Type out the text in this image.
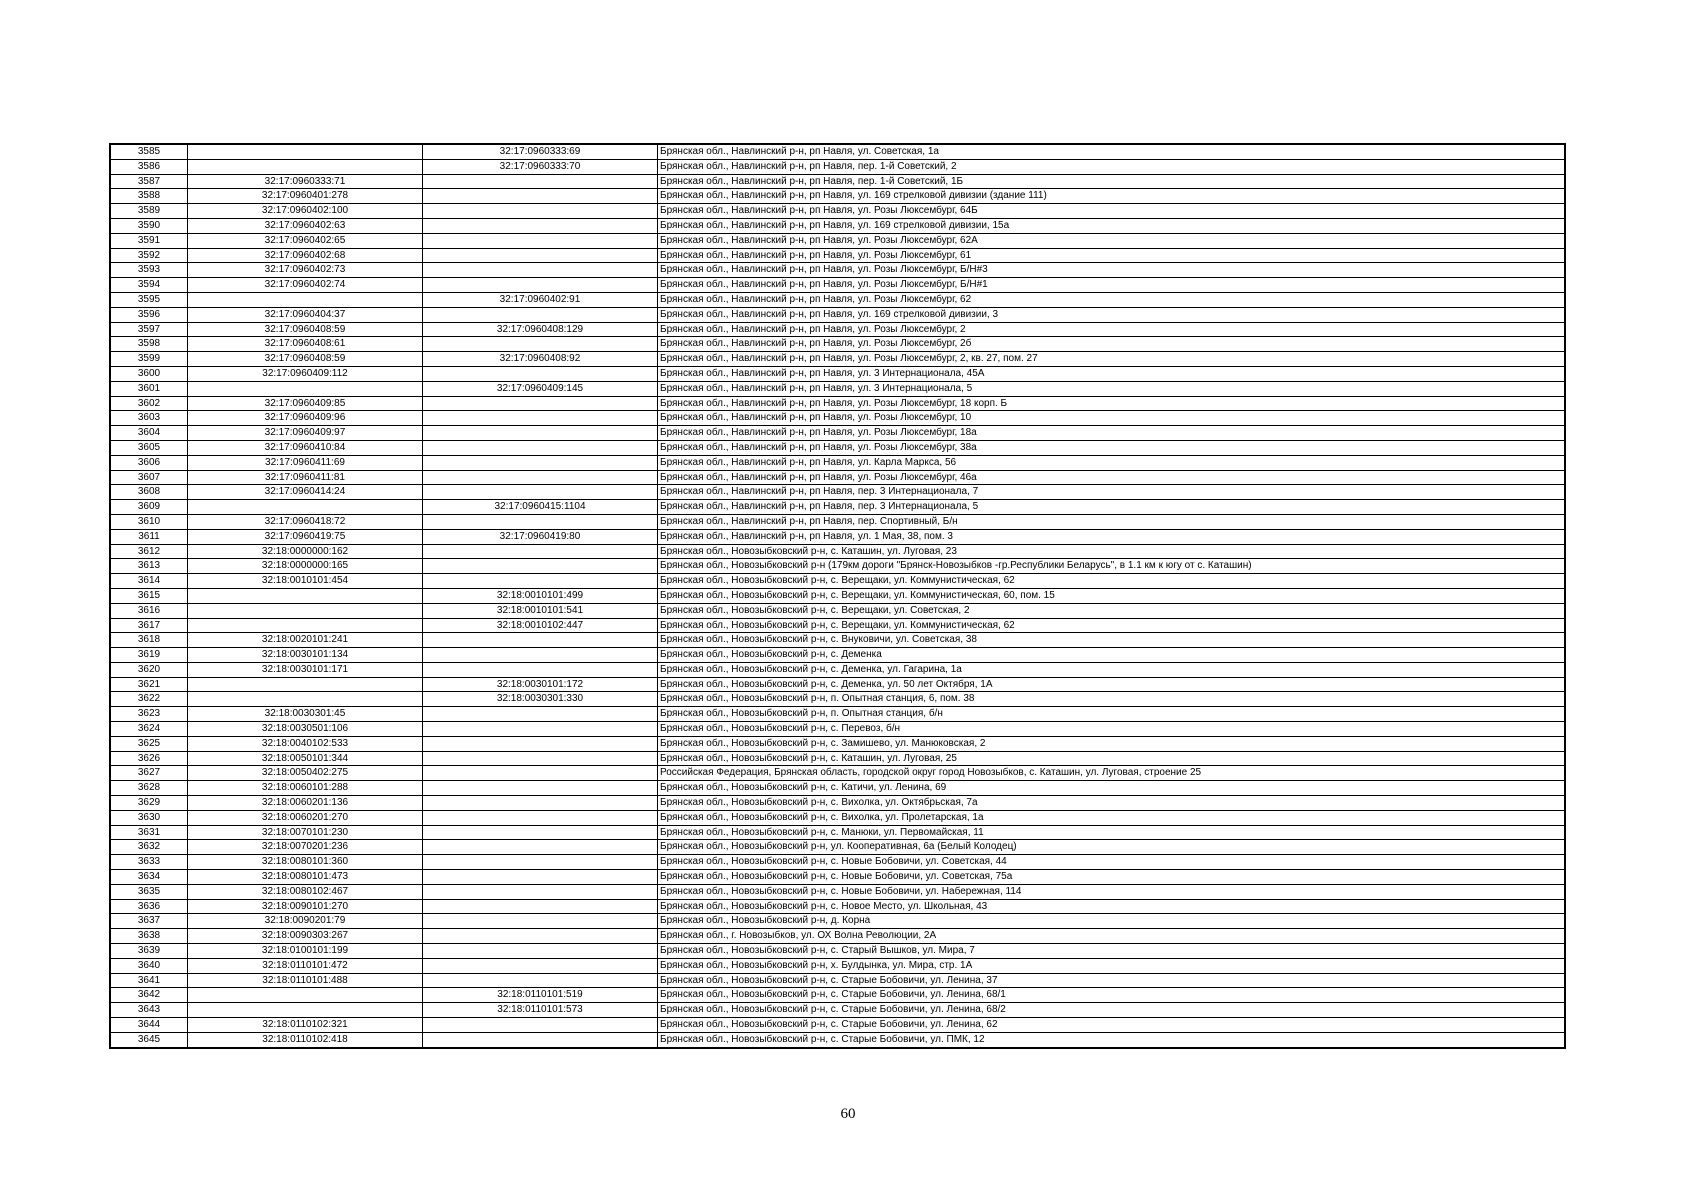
3585		32:17:0960333:69	Брянская обл., Навлинский р-н, рп Навля, ул. Советская, 1а
3586		32:17:0960333:70	Брянская обл., Навлинский р-н, рп Навля, пер. 1-й Советский, 2
3587	32:17:0960333:71		Брянская обл., Навлинский р-н, рп Навля, пер. 1-й Советский, 1Б
3588	32:17:0960401:278		Брянская обл., Навлинский р-н, рп Навля, ул. 169 стрелковой дивизии (здание 111)
3589	32:17:0960402:100		Брянская обл., Навлинский р-н, рп Навля, ул. Розы Люксембург, 64Б
3590	32:17:0960402:63		Брянская обл., Навлинский р-н, рп Навля, ул. 169 стрелковой дивизии, 15а
3591	32:17:0960402:65		Брянская обл., Навлинский р-н, рп Навля, ул. Розы Люксембург, 62А
3592	32:17:0960402:68		Брянская обл., Навлинский р-н, рп Навля, ул. Розы Люксембург, 61
3593	32:17:0960402:73		Брянская обл., Навлинский р-н, рп Навля, ул. Розы Люксембург, Б/Н#3
3594	32:17:0960402:74		Брянская обл., Навлинский р-н, рп Навля, ул. Розы Люксембург, Б/Н#1
3595		32:17:0960402:91	Брянская обл., Навлинский р-н, рп Навля, ул. Розы Люксембург, 62
3596	32:17:0960404:37		Брянская обл., Навлинский р-н, рп Навля, ул. 169 стрелковой дивизии, 3
3597	32:17:0960408:59	32:17:0960408:129	Брянская обл., Навлинский р-н, рп Навля, ул. Розы Люксембург, 2
3598	32:17:0960408:61		Брянская обл., Навлинский р-н, рп Навля, ул. Розы Люксембург, 2б
3599	32:17:0960408:59	32:17:0960408:92	Брянская обл., Навлинский р-н, рп Навля, ул. Розы Люксембург, 2, кв. 27, пом. 27
3600	32:17:0960409:112		Брянская обл., Навлинский р-н, рп Навля, ул. 3 Интернационала, 45А
3601		32:17:0960409:145	Брянская обл., Навлинский р-н, рп Навля, ул. 3 Интернационала, 5
3602	32:17:0960409:85		Брянская обл., Навлинский р-н, рп Навля, ул. Розы Люксембург, 18 корп. Б
3603	32:17:0960409:96		Брянская обл., Навлинский р-н, рп Навля, ул. Розы Люксембург, 10
3604	32:17:0960409:97		Брянская обл., Навлинский р-н, рп Навля, ул. Розы Люксембург, 18а
3605	32:17:0960410:84		Брянская обл., Навлинский р-н, рп Навля, ул. Розы Люксембург, 38а
3606	32:17:0960411:69		Брянская обл., Навлинский р-н, рп Навля, ул. Карла Маркса, 56
3607	32:17:0960411:81		Брянская обл., Навлинский р-н, рп Навля, ул. Розы Люксембург, 46а
3608	32:17:0960414:24		Брянская обл., Навлинский р-н, рп Навля, пер. 3 Интернационала, 7
3609		32:17:0960415:1104	Брянская обл., Навлинский р-н, рп Навля, пер. 3 Интернационала, 5
3610	32:17:0960418:72		Брянская обл., Навлинский р-н, рп Навля, пер. Спортивный, Б/н
3611	32:17:0960419:75	32:17:0960419:80	Брянская обл., Навлинский р-н, рп Навля, ул. 1 Мая, 38, пом. 3
3612	32:18:0000000:162		Брянская обл., Новозыбковский р-н, с. Каташин, ул. Луговая, 23
3613	32:18:0000000:165		Брянская обл., Новозыбковский р-н (179км дороги "Брянск-Новозыбков -гр.Республики Беларусь", в 1.1 км к югу от с. Каташин)
3614	32:18:0010101:454		Брянская обл., Новозыбковский р-н, с. Верещаки, ул. Коммунистическая, 62
3615		32:18:0010101:499	Брянская обл., Новозыбковский р-н, с. Верещаки, ул. Коммунистическая, 60, пом. 15
3616		32:18:0010101:541	Брянская обл., Новозыбковский р-н, с. Верещаки, ул. Советская, 2
3617		32:18:0010102:447	Брянская обл., Новозыбковский р-н, с. Верещаки, ул. Коммунистическая, 62
3618	32:18:0020101:241		Брянская обл., Новозыбковский р-н, с. Внуковичи, ул. Советская, 38
3619	32:18:0030101:134		Брянская обл., Новозыбковский р-н, с. Деменка
3620	32:18:0030101:171		Брянская обл., Новозыбковский р-н, с. Деменка, ул. Гагарина, 1а
3621		32:18:0030101:172	Брянская обл., Новозыбковский р-н, с. Деменка, ул. 50 лет Октября, 1А
3622		32:18:0030301:330	Брянская обл., Новозыбковский р-н, п. Опытная станция, 6, пом. 38
3623	32:18:0030301:45		Брянская обл., Новозыбковский р-н, п. Опытная станция, б/н
3624	32:18:0030501:106		Брянская обл., Новозыбковский р-н, с. Перевоз, б/н
3625	32:18:0040102:533		Брянская обл., Новозыбковский р-н, с. Замишево, ул. Манюковская, 2
3626	32:18:0050101:344		Брянская обл., Новозыбковский р-н, с. Каташин, ул. Луговая, 25
3627	32:18:0050402:275		Российская Федерация, Брянская область, городской округ город Новозыбков, с. Каташин, ул. Луговая, строение 25
3628	32:18:0060101:288		Брянская обл., Новозыбковский р-н, с. Катичи, ул. Ленина, 69
3629	32:18:0060201:136		Брянская обл., Новозыбковский р-н, с. Вихолка, ул. Октябрьская, 7а
3630	32:18:0060201:270		Брянская обл., Новозыбковский р-н, с. Вихолка, ул. Пролетарская, 1а
3631	32:18:0070101:230		Брянская обл., Новозыбковский р-н, с. Манюки, ул. Первомайская, 11
3632	32:18:0070201:236		Брянская обл., Новозыбковский р-н, ул. Кооперативная, 6а (Белый Колодец)
3633	32:18:0080101:360		Брянская обл., Новозыбковский р-н, с. Новые Бобовичи, ул. Советская, 44
3634	32:18:0080101:473		Брянская обл., Новозыбковский р-н, с. Новые Бобовичи, ул. Советская, 75а
3635	32:18:0080102:467		Брянская обл., Новозыбковский р-н, с. Новые Бобовичи, ул. Набережная, 114
3636	32:18:0090101:270		Брянская обл., Новозыбковский р-н, с. Новое Место, ул. Школьная, 43
3637	32:18:0090201:79		Брянская обл., Новозыбковский р-н, д. Корна
3638	32:18:0090303:267		Брянская обл., г. Новозыбков, ул. ОХ Волна Революции, 2А
3639	32:18:0100101:199		Брянская обл., Новозыбковский р-н, с. Старый Вышков, ул. Мира, 7
3640	32:18:0110101:472		Брянская обл., Новозыбковский р-н, х. Булдынка, ул. Мира, стр. 1А
3641	32:18:0110101:488		Брянская обл., Новозыбковский р-н, с. Старые Бобовичи, ул. Ленина, 37
3642		32:18:0110101:519	Брянская обл., Новозыбковский р-н, с. Старые Бобовичи, ул. Ленина, 68/1
3643		32:18:0110101:573	Брянская обл., Новозыбковский р-н, с. Старые Бобовичи, ул. Ленина, 68/2
3644	32:18:0110102:321		Брянская обл., Новозыбковский р-н, с. Старые Бобовичи, ул. Ленина, 62
3645	32:18:0110102:418		Брянская обл., Новозыбковский р-н, с. Старые Бобовичи, ул. ПМК, 12
60
